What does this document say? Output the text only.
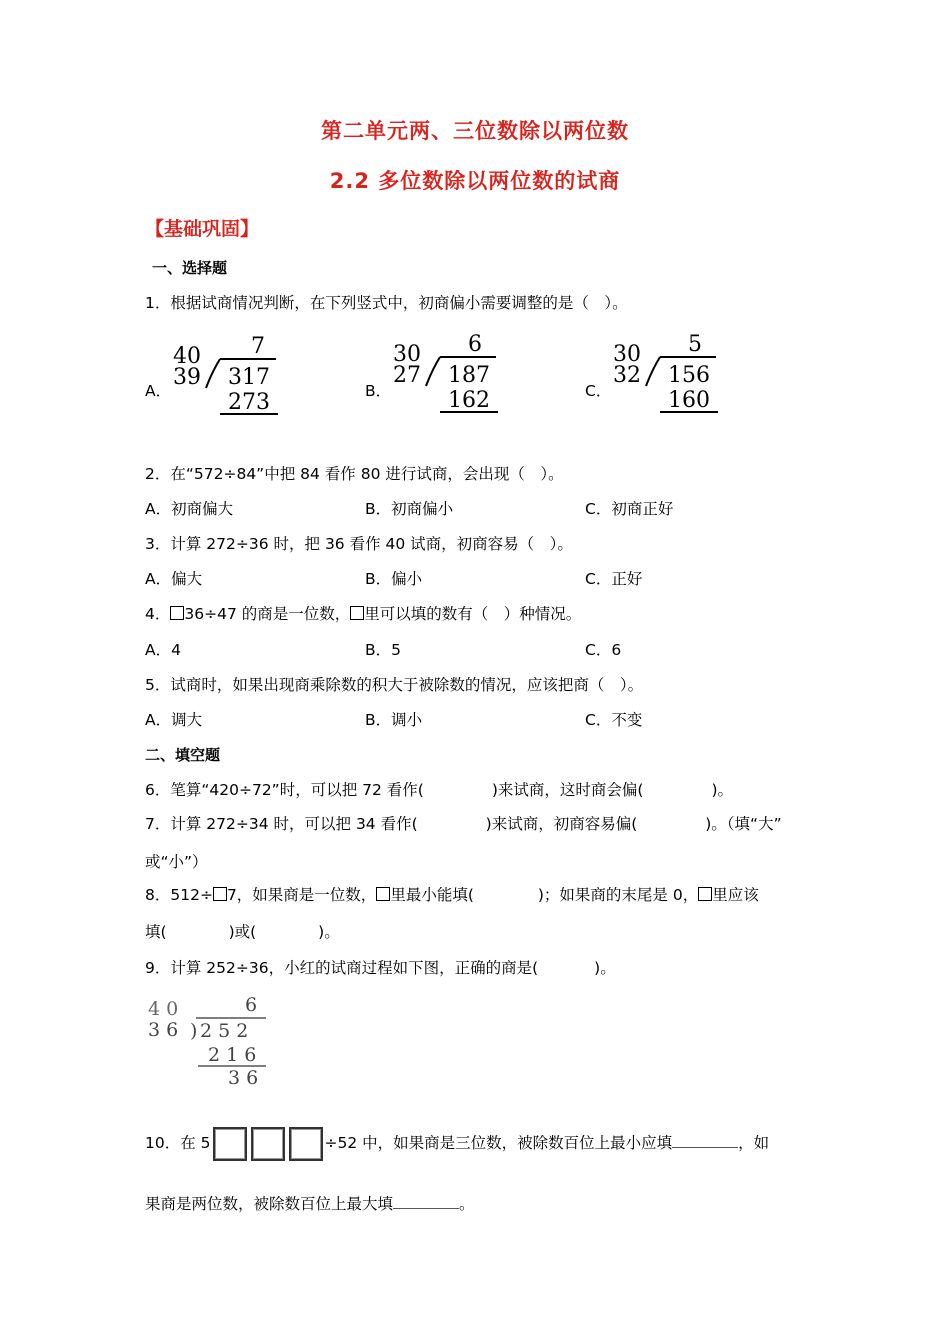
第二单元两、三位数除以两位数
2.2 多位数除以两位数的试商
【基础巩固】
一、选择题
1．根据试商情况判断，在下列竖式中，初商偏小需要调整的是（　）。
A．
40
39
7
317
273	B．
30
27
6
187
162	C．
30
32
5
156
160
2．在“572÷84”中把 84 看作 80 进行试商，会出现（　）。
A．初商偏大	B．初商偏小	C．初商正好
3．计算 272÷36 时，把 36 看作 40 试商，初商容易（　）。
A．偏大	B．偏小	C．正好
4． 36÷47 的商是一位数， 里可以填的数有（　）种情况。
A．4	B．5	C．6
5．试商时，如果出现商乘除数的积大于被除数的情况，应该把商（　）。
A．调大	B．调小	C．不变
二、填空题
6．笔算“420÷72”时，可以把 72 看作(	)来试商，这时商会偏(	)。
7．计算 272÷34 时，可以把 34 看作(	)来试商，初商容易偏(	)。（填“大”
或“小”）
8．512÷ 7，如果商是一位数， 里最小能填(	)；如果商的末尾是 0， 里应该
填(	)或(	)。
9．计算 252÷36，小红的试商过程如下图，正确的商是(	)。
4 0
3 6
6
) 2 5 2
2 1 6
3 6
10．在 5	÷52 中，如果商是三位数，被除数百位上最小应填	，如
果商是两位数，被除数百位上最大填	。
